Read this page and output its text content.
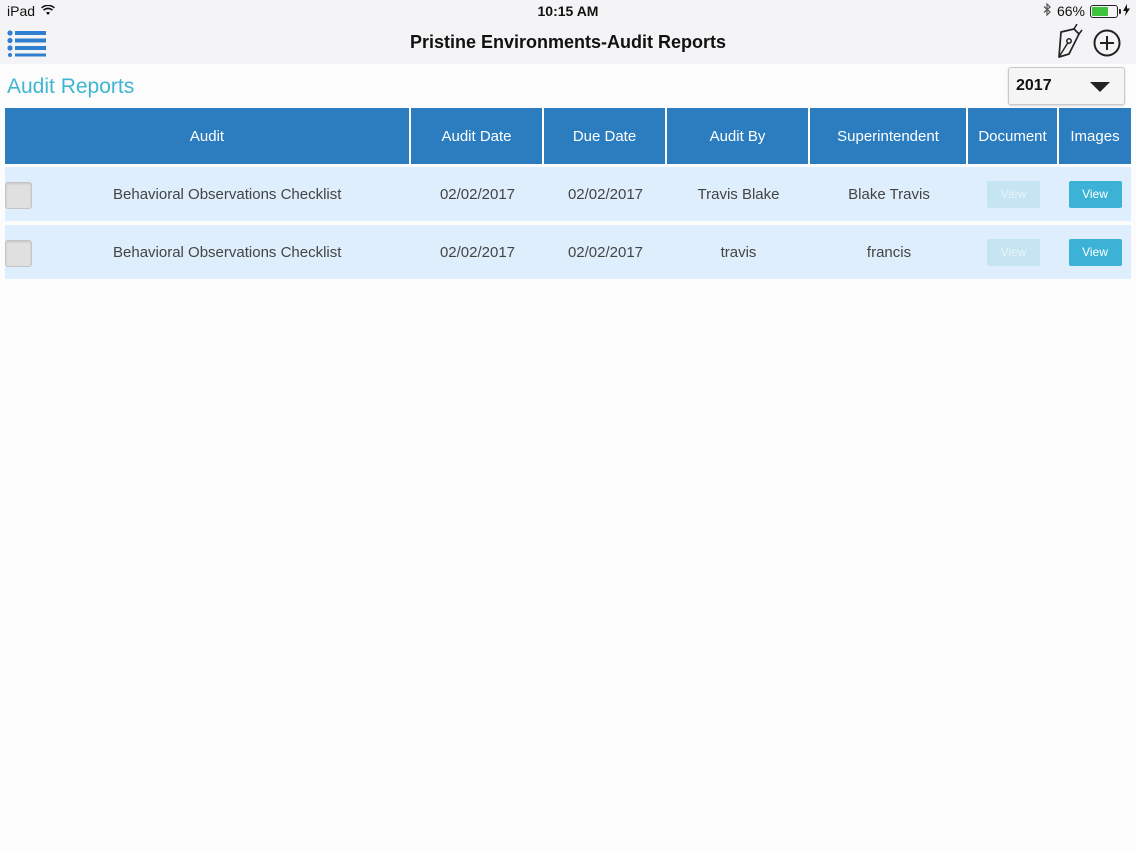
iPad	10:15 AM	66%
Pristine Environments-Audit Reports
Audit Reports	2017
Audit	Audit Date	Due Date	Audit By	Superintendent	Document	Images

Behavioral Observations Checklist	02/02/2017	02/02/2017	Travis Blake	Blake Travis	View	View

Behavioral Observations Checklist	02/02/2017	02/02/2017	travis	francis	View	View
